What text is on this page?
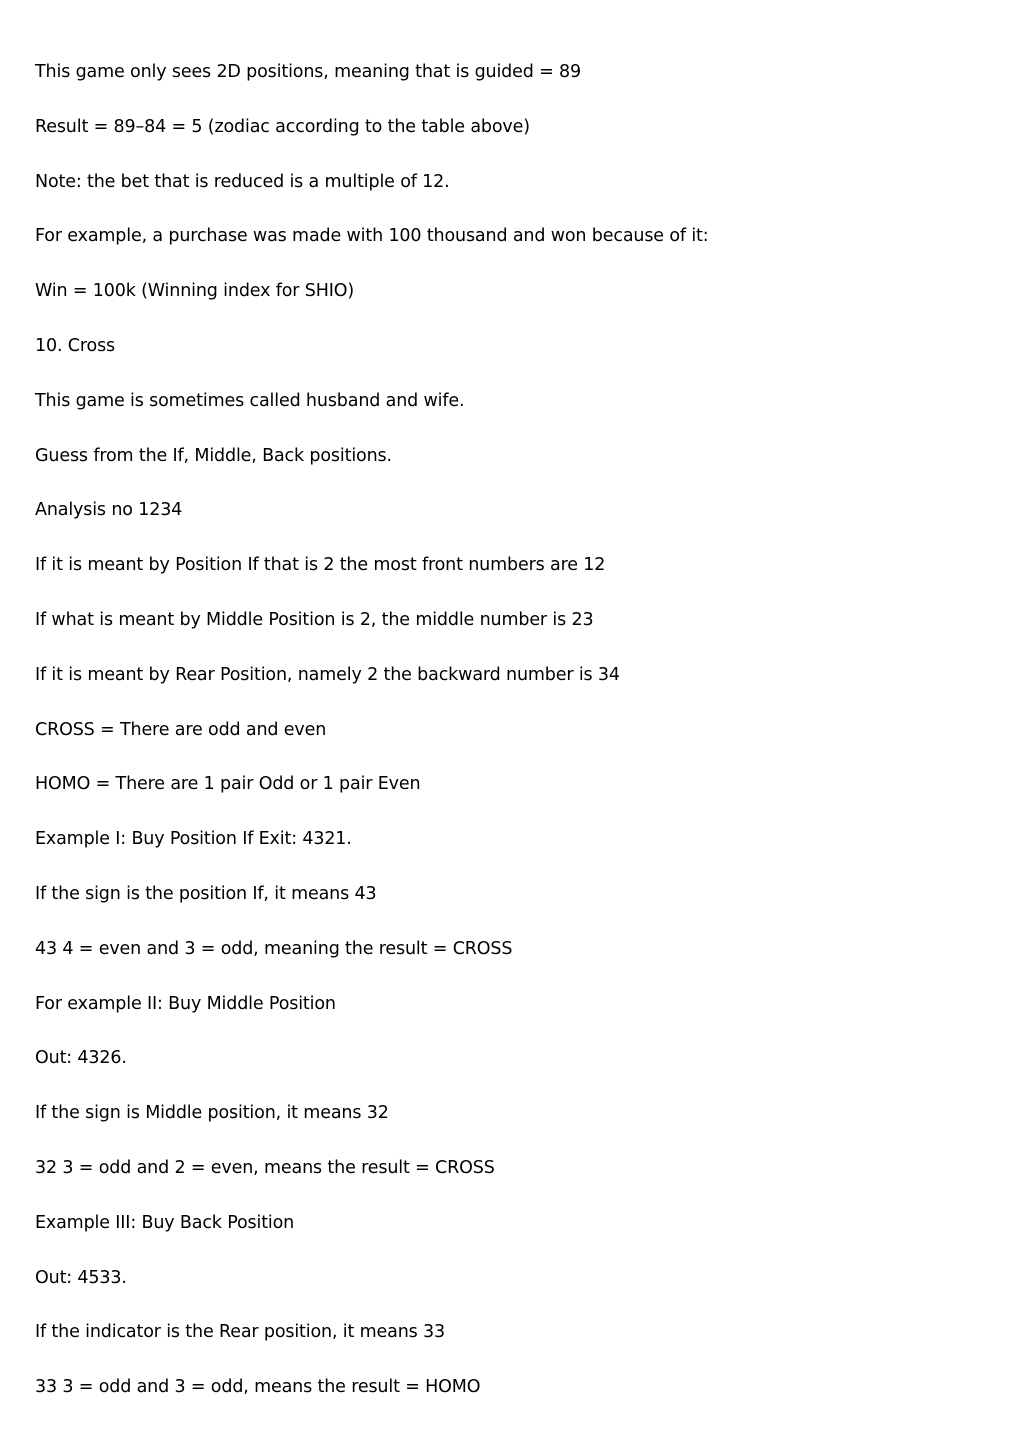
This game only sees 2D positions, meaning that is guided = 89

Result = 89–84 = 5 (zodiac according to the table above)

Note: the bet that is reduced is a multiple of 12.

For example, a purchase was made with 100 thousand and won because of it:

Win = 100k (Winning index for SHIO)

10. Cross

This game is sometimes called husband and wife.

Guess from the If, Middle, Back positions.

Analysis no 1234

If it is meant by Position If that is 2 the most front numbers are 12

If what is meant by Middle Position is 2, the middle number is 23

If it is meant by Rear Position, namely 2 the backward number is 34

CROSS = There are odd and even

HOMO = There are 1 pair Odd or 1 pair Even

Example I: Buy Position If Exit: 4321.

If the sign is the position If, it means 43

43 4 = even and 3 = odd, meaning the result = CROSS

For example II: Buy Middle Position

Out: 4326.

If the sign is Middle position, it means 32

32 3 = odd and 2 = even, means the result = CROSS

Example III: Buy Back Position

Out: 4533.

If the indicator is the Rear position, it means 33

33 3 = odd and 3 = odd, means the result = HOMO
